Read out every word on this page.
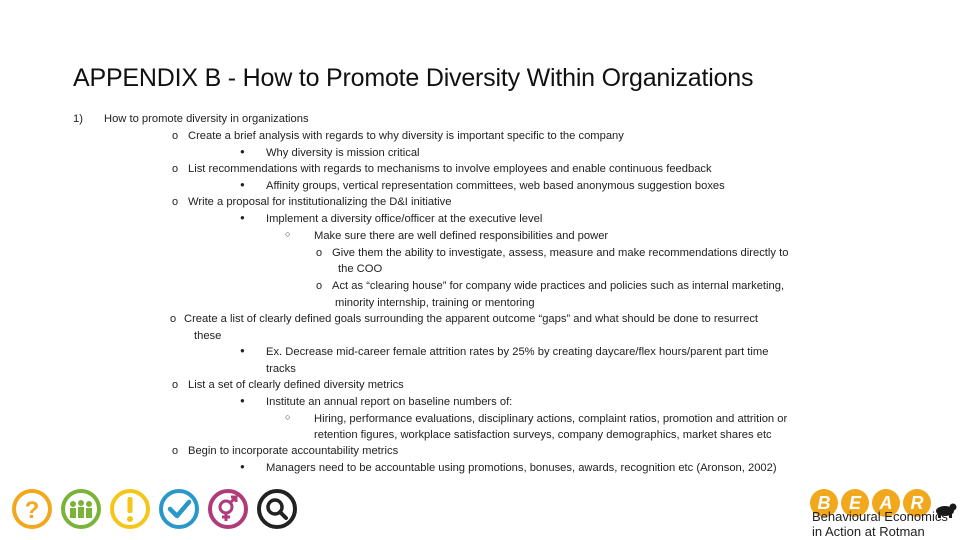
APPENDIX B - How to Promote Diversity Within Organizations
1) How to promote diversity in organizations
o Create a brief analysis with regards to why diversity is important specific to the company
● Why diversity is mission critical
o List recommendations with regards to mechanisms to involve employees and enable continuous feedback
● Affinity groups, vertical representation committees, web based anonymous suggestion boxes
o Write a proposal for institutionalizing the D&I initiative
● Implement a diversity office/officer at the executive level
○ Make sure there are well defined responsibilities and power
o Give them the ability to investigate, assess, measure and make recommendations directly to
the COO
o Act as “clearing house” for company wide practices and policies such as internal marketing,
minority internship, training or mentoring
o Create a list of clearly defined goals surrounding the apparent outcome “gaps” and what should be done to resurrect
these
● Ex. Decrease mid-career female attrition rates by 25% by creating daycare/flex hours/parent part time
tracks
o List a set of clearly defined diversity metrics
● Institute an annual report on baseline numbers of:
○ Hiring, performance evaluations, disciplinary actions, complaint ratios, promotion and attrition or
retention figures, workplace satisfaction surveys, company demographics, market shares etc
o Begin to incorporate accountability metrics
● Managers need to be accountable using promotions, bonuses, awards, recognition etc (Aronson, 2002)
?	B E A R
Behavioural Economics
in Action at Rotman
